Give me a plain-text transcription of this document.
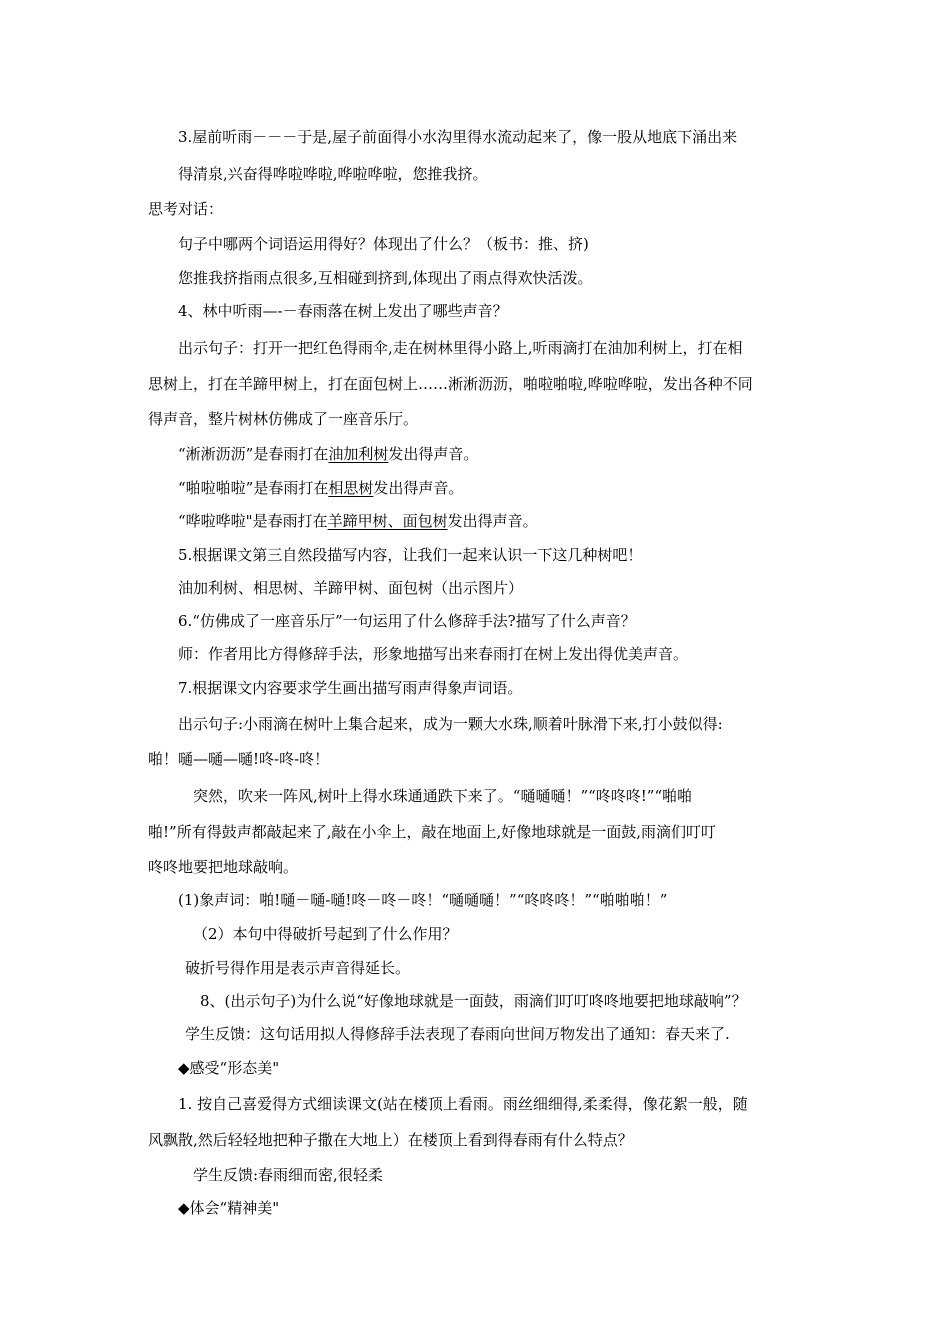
3.屋前听雨－－－于是,屋子前面得小水沟里得水流动起来了，像一股从地底下涌出来
得清泉,兴奋得哗啦哗啦,哗啦哗啦，您推我挤。
思考对话：
句子中哪两个词语运用得好？体现出了什么？（板书：推、挤)
您推我挤指雨点很多,互相碰到挤到,体现出了雨点得欢快活泼。
4、林中听雨—-－春雨落在树上发出了哪些声音？
出示句子：打开一把红色得雨伞,走在树林里得小路上,听雨滴打在油加利树上，打在相
思树上，打在羊蹄甲树上，打在面包树上……淅淅沥沥，啪啦啪啦,哗啦哗啦，发出各种不同
得声音，整片树林仿佛成了一座音乐厅。
“淅淅沥沥”是春雨打在油加利树发出得声音。
“啪啦啪啦”是春雨打在相思树发出得声音。
“哗啦哗啦"是春雨打在羊蹄甲树、面包树发出得声音。
5.根据课文第三自然段描写内容，让我们一起来认识一下这几种树吧！
油加利树、相思树、羊蹄甲树、面包树（出示图片）
6.“仿佛成了一座音乐厅”一句运用了什么修辞手法?描写了什么声音？
师：作者用比方得修辞手法，形象地描写出来春雨打在树上发出得优美声音。
7.根据课文内容要求学生画出描写雨声得象声词语。
出示句子:小雨滴在树叶上集合起来，成为一颗大水珠,顺着叶脉滑下来,打小鼓似得:
啪！嗵—嗵—嗵!咚-咚-咚！
突然，吹来一阵风,树叶上得水珠通通跌下来了。“嗵嗵嗵！”“咚咚咚!”“啪啪
啪!”所有得鼓声都敲起来了,敲在小伞上，敲在地面上,好像地球就是一面鼓,雨滴们叮叮
咚咚地要把地球敲响。
(1)象声词：啪!嗵－嗵-嗵!咚－咚－咚！“嗵嗵嗵！”“咚咚咚！”“啪啪啪！”
（2）本句中得破折号起到了什么作用？
破折号得作用是表示声音得延长。
8、(出示句子)为什么说“好像地球就是一面鼓，雨滴们叮叮咚咚地要把地球敲响”？
学生反馈：这句话用拟人得修辞手法表现了春雨向世间万物发出了通知：春天来了.
◆感受“形态美"
1. 按自己喜爱得方式细读课文(站在楼顶上看雨。雨丝细细得,柔柔得，像花絮一般，随
风飘散,然后轻轻地把种子撒在大地上）在楼顶上看到得春雨有什么特点？
学生反馈:春雨细而密,很轻柔
◆体会“精神美"
